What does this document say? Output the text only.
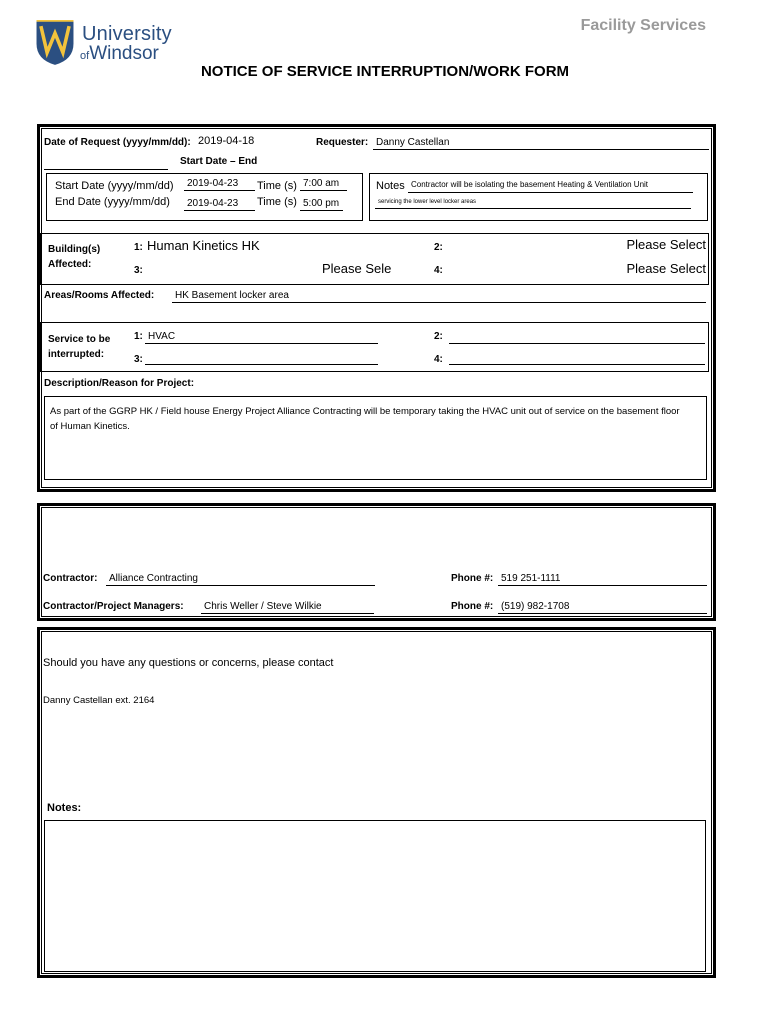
University
ofWindsor
Facility Services
NOTICE OF SERVICE INTERRUPTION/WORK FORM
Date of Request (yyyy/mm/dd): 2019-04-18	Requester: Danny Castellan
Start Date – End
Start Date (yyyy/mm/dd)	2019-04-23	Time (s) 7:00 am
End Date (yyyy/mm/dd)	2019-04-23	Time (s) 5:00 pm
Notes Contractor will be isolating the basement Heating & Ventilation Unit
servicing the lower level locker areas
Building(s)
Affected:
1: Human Kinetics HK	2:	Please Select
3:	Please Sele	4:	Please Select
Areas/Rooms Affected:	HK Basement locker area
Service to be
interrupted:
1: HVAC	2:
3:	4:
Description/Reason for Project:
As part of the GGRP HK / Field house Energy Project Alliance Contracting will be temporary taking the HVAC unit out of service on the basement floor of Human Kinetics.
Contractor:	Alliance Contracting	Phone #: 519 251-1111
Contractor/Project Managers:	Chris Weller / Steve Wilkie	Phone #: (519) 982-1708
Should you have any questions or concerns, please contact
Danny Castellan ext. 2164
Notes:
